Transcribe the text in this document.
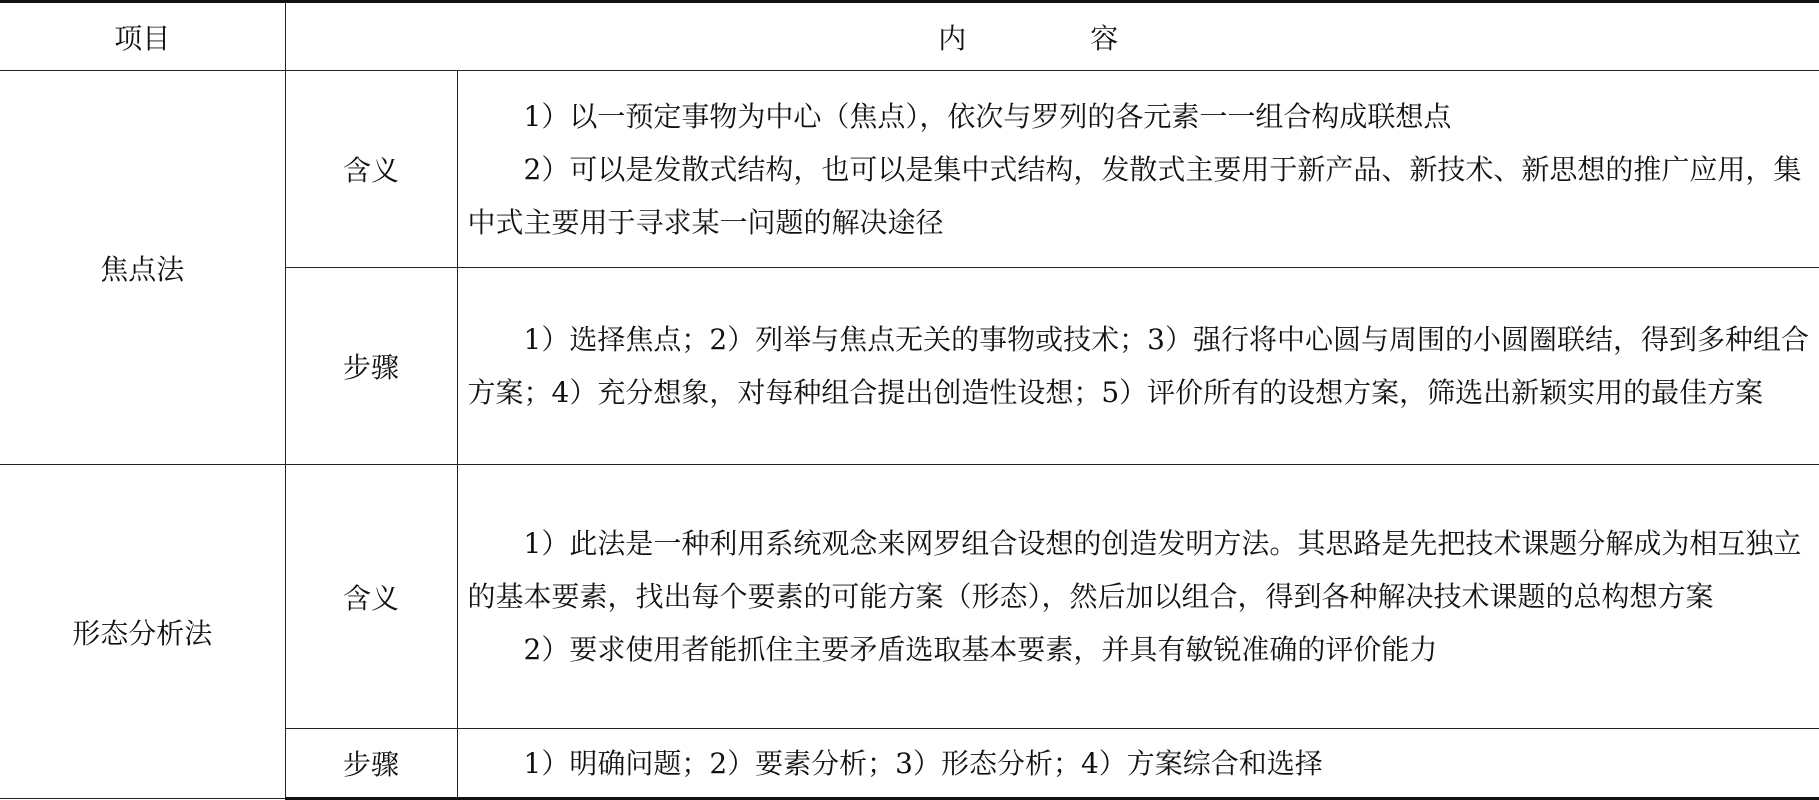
项目	内　容	
焦点法	含义	1）以一预定事物为中心（焦点），依次与罗列的各元素一一组合构成联想点
2）可以是发散式结构，也可以是集中式结构，发散式主要用于新产品、新技术、新思想的推广应用，集中式主要用于寻求某一问题的解决途径

	步骤	1）选择焦点；2）列举与焦点无关的事物或技术；3）强行将中心圆与周围的小圆圈联结，得到多种组合方案；4）充分想象，对每种组合提出创造性设想；5）评价所有的设想方案，筛选出新颖实用的最佳方案

形态分析法	含义	1）此法是一种利用系统观念来网罗组合设想的创造发明方法。其思路是先把技术课题分解成为相互独立的基本要素，找出每个要素的可能方案（形态），然后加以组合，得到各种解决技术课题的总构想方案
2）要求使用者能抓住主要矛盾选取基本要素，并具有敏锐准确的评价能力

	步骤	1）明确问题；2）要素分析；3）形态分析；4）方案综合和选择
